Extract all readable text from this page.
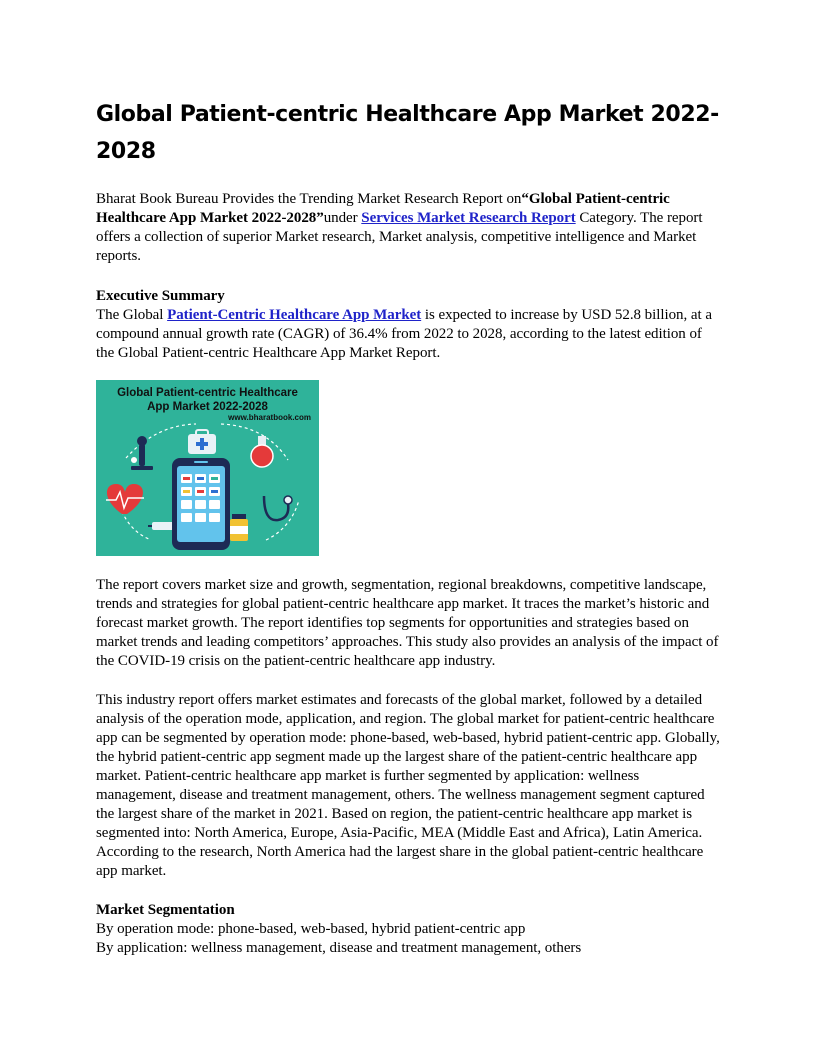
Global Patient-centric Healthcare App Market 2022-
2028

Bharat Book Bureau Provides the Trending Market Research Report on“Global Patient-centric Healthcare App Market 2022-2028”under Services Market Research Report Category. The report offers a collection of superior Market research, Market analysis, competitive intelligence and Market reports.

Executive Summary
The Global Patient-Centric Healthcare App Market is expected to increase by USD 52.8 billion, at a compound annual growth rate (CAGR) of 36.4% from 2022 to 2028, according to the latest edition of the Global Patient-centric Healthcare App Market Report.

Global Patient-centric Healthcare
App Market 2022-2028
www.bharatbook.com

The report covers market size and growth, segmentation, regional breakdowns, competitive landscape, trends and strategies for global patient-centric healthcare app market. It traces the market’s historic and forecast market growth. The report identifies top segments for opportunities and strategies based on market trends and leading competitors’ approaches. This study also provides an analysis of the impact of the COVID-19 crisis on the patient-centric healthcare app industry.

This industry report offers market estimates and forecasts of the global market, followed by a detailed analysis of the operation mode, application, and region. The global market for patient-centric healthcare app can be segmented by operation mode: phone-based, web-based, hybrid patient-centric app. Globally, the hybrid patient-centric app segment made up the largest share of the patient-centric healthcare app market. Patient-centric healthcare app market is further segmented by application: wellness management, disease and treatment management, others. The wellness management segment captured the largest share of the market in 2021. Based on region, the patient-centric healthcare app market is segmented into: North America, Europe, Asia-Pacific, MEA (Middle East and Africa), Latin America. According to the research, North America had the largest share in the global patient-centric healthcare app market.

Market Segmentation
By operation mode: phone-based, web-based, hybrid patient-centric app
By application: wellness management, disease and treatment management, others
